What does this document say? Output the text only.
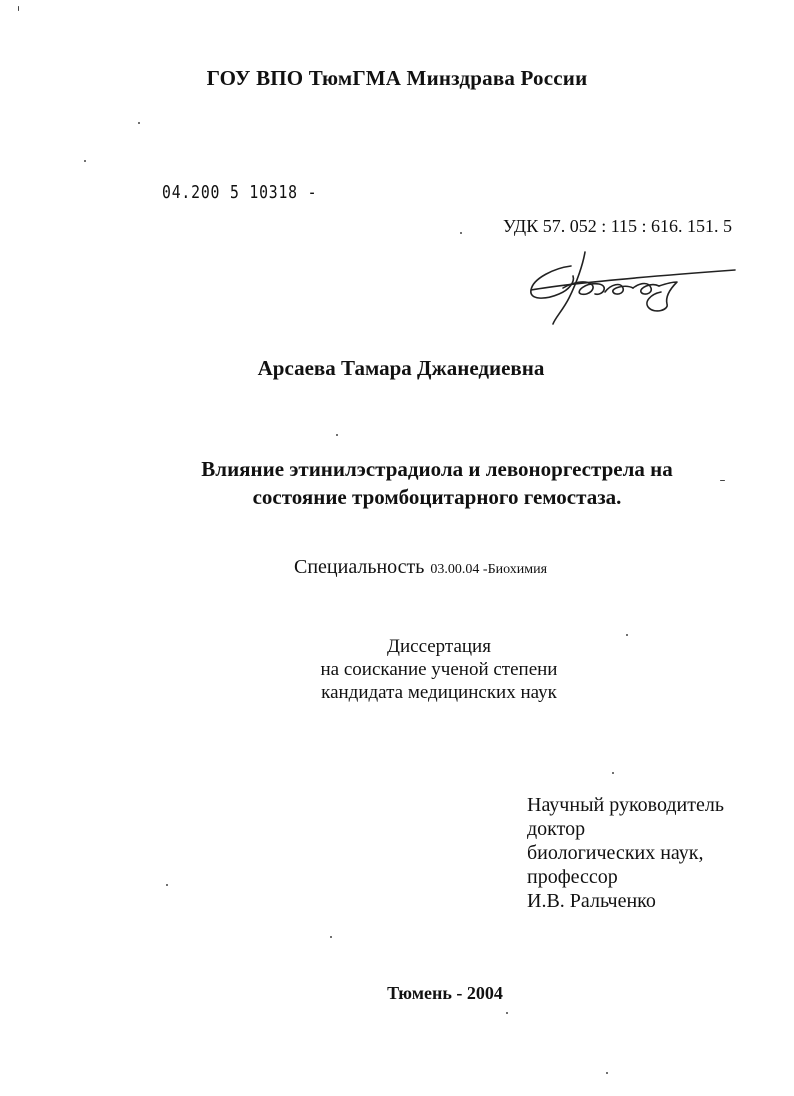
ГОУ ВПО ТюмГМА Минздрава России
04.200 5 10318 -
УДК 57. 052 : 115 : 616. 151. 5
Арсаева Тамара Джанедиевна
Влияние этинилэстрадиола и левоноргестрела на
состояние тромбоцитарного гемостаза.
Специальность 03.00.04 -Биохимия
Диссертация
на соискание ученой степени
кандидата медицинских наук
Научный руководитель
доктор
биологических наук,
профессор
И.В. Ральченко
Тюмень - 2004
